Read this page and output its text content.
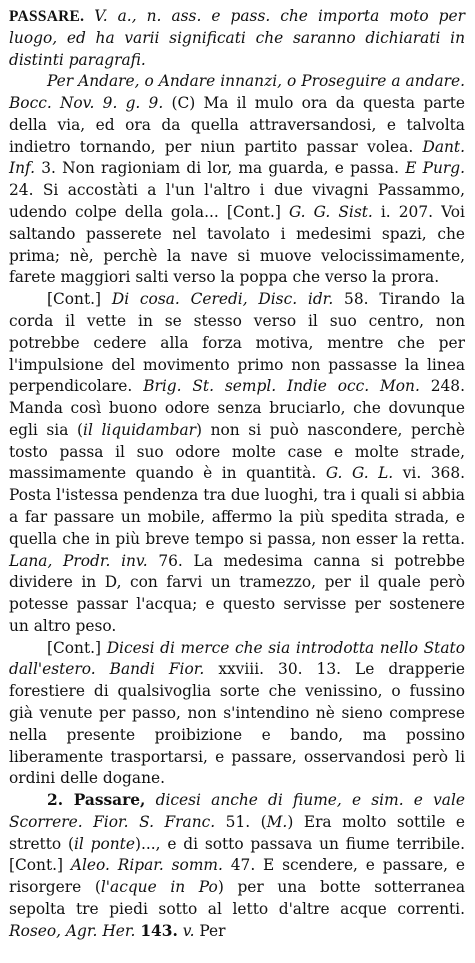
PASSARE. V. a., n. ass. e pass. che importa moto per luogo, ed ha varii significati che saranno dichiarati in distinti paragrafi.

Per Andare, o Andare innanzi, o Proseguire a andare. Bocc. Nov. 9. g. 9. (C) Ma il mulo ora da questa parte della via, ed ora da quella attraversandosi, e talvolta indietro tornando, per niun partito passar volea. Dant. Inf. 3. Non ragioniam di lor, ma guarda, e passa. E Purg. 24. Si accostàti a l'un l'altro i due vivagni Passammo, udendo colpe della gola... [Cont.] G. G. Sist. i. 207. Voi saltando passerete nel tavolato i medesimi spazi, che prima; nè, perchè la nave si muove velocissimamente, farete maggiori salti verso la poppa che verso la prora.

[Cont.] Di cosa. Ceredi, Disc. idr. 58. Tirando la corda il vette in se stesso verso il suo centro, non potrebbe cedere alla forza motiva, mentre che per l'impulsione del movimento primo non passasse la linea perpendicolare. Brig. St. sempl. Indie occ. Mon. 248. Manda così buono odore senza bruciarlo, che dovunque egli sia (il liquidambar) non si può nascondere, perchè tosto passa il suo odore molte case e molte strade, massimamente quando è in quantità. G. G. L. vi. 368. Posta l'istessa pendenza tra due luoghi, tra i quali si abbia a far passare un mobile, affermo la più spedita strada, e quella che in più breve tempo si passa, non esser la retta. Lana, Prodr. inv. 76. La medesima canna si potrebbe dividere in D, con farvi un tramezzo, per il quale però potesse passar l'acqua; e questo servisse per sostenere un altro peso.

[Cont.] Dicesi di merce che sia introdotta nello Stato dall'estero. Bandi Fior. xxviii. 30. 13. Le drapperie forestiere di qualsivoglia sorte che venissino, o fussino già venute per passo, non s'intendino nè sieno comprese nella presente proibizione e bando, ma possino liberamente trasportarsi, e passare, osservandosi però li ordini delle dogane.

2. Passare, dicesi anche di fiume, e sim. e vale Scorrere. Fior. S. Franc. 51. (M.) Era molto sottile e stretto (il ponte)..., e di sotto passava un fiume terribile. [Cont.] Aleo. Ripar. somm. 47. E scendere, e passare, e risorgere (l'acque in Po) per una botte sotterranea sepolta tre piedi sotto al letto d'altre acque correnti. Roseo, Agr. Her. 143. v. Per
